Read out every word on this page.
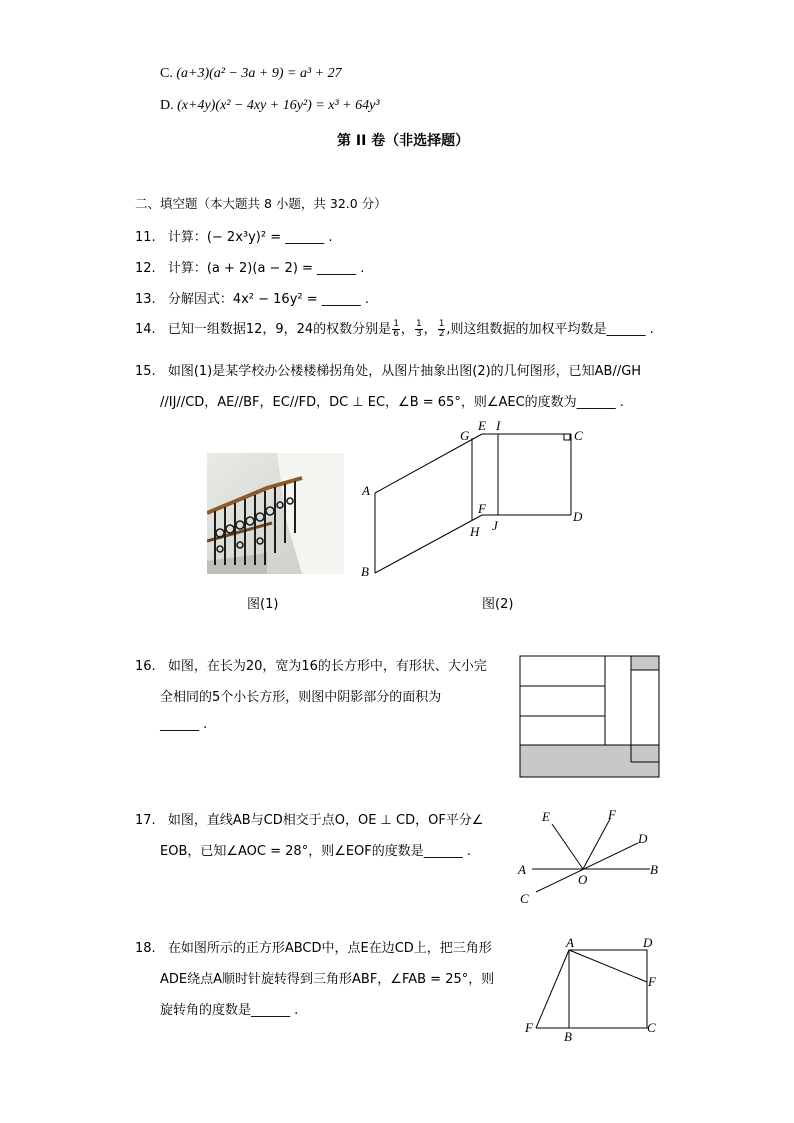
C. (a+3)(a² − 3a + 9) = a³ + 27
D. (x+4y)(x² − 4xy + 16y²) = x³ + 64y³
第 II 卷（非选择题）
二、填空题（本大题共 8 小题，共 32.0 分）
11. 计算：(− 2x³y)² = ______ .
12. 计算：(a + 2)(a − 2) = ______ .
13. 分解因式：4x² − 16y² = ______ .
14. 已知一组数据12，9，24的权数分别是 $\frac{1}{6}$ ， $\frac{1}{3}$ ， $\frac{1}{2}$ ,则这组数据的加权平均数是______ .
15. 如图(1)是某学校办公楼楼梯拐角处，从图片抽象出图(2)的几何图形，已知AB//GH
//IJ//CD，AE//BF，EC//FD，DC ⊥ EC，∠B = 65°，则∠AEC的度数为______ .
图(1)
A
B
C
D
E
F
G
H
I
J
图(2)
16. 如图，在长为20，宽为16的长方形中，有形状、大小完
全相同的5个小长方形，则图中阴影部分的面积为
______ .
17. 如图，直线AB与CD相交于点O，OE ⊥ CD，OF平分∠
EOB，已知∠AOC = 28°，则∠EOF的度数是______ .
A	B
C
D
E	F
O
18. 在如图所示的正方形ABCD中，点E在边CD上，把三角形
ADE绕点A顺时针旋转得到三角形ABF，∠FAB = 25°，则
旋转角的度数是______ .
A	D
F
F
B
C
